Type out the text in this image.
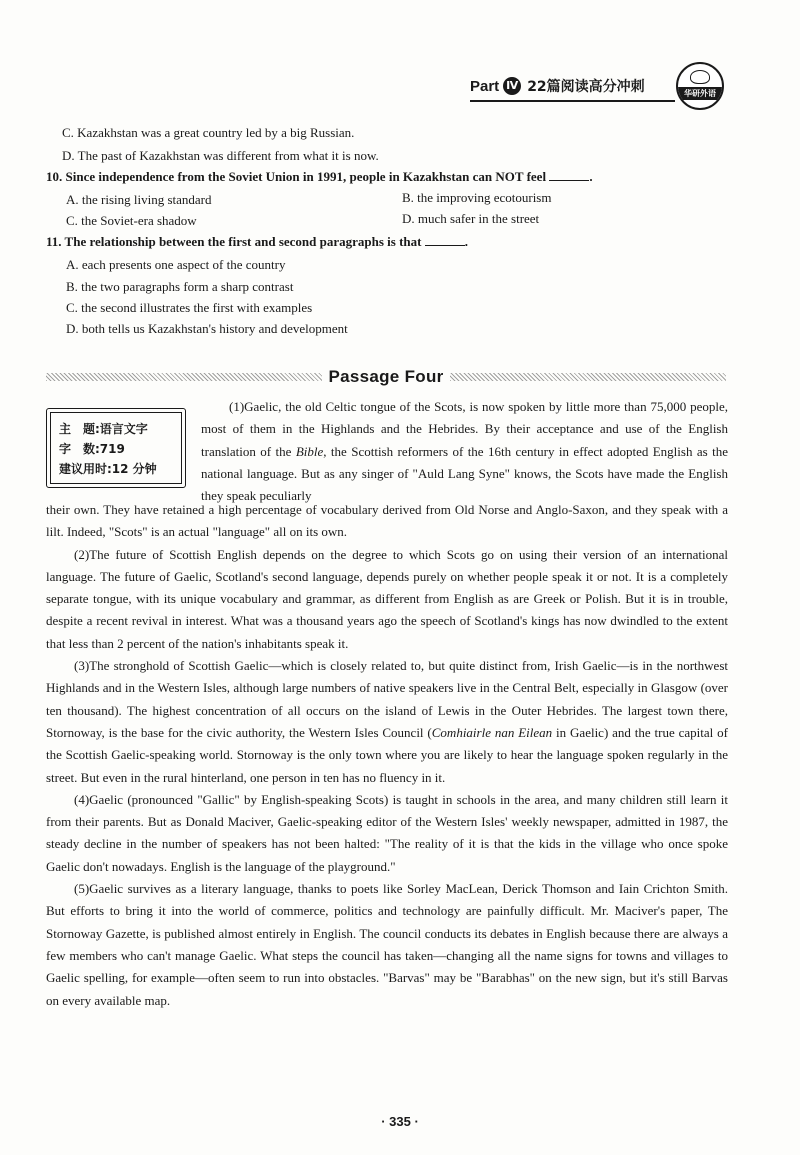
Part Ⅳ 22篇阅读高分冲刺	华研外语
C. Kazakhstan was a great country led by a big Russian.
D. The past of Kazakhstan was different from what it is now.
10. Since independence from the Soviet Union in 1991, people in Kazakhstan can NOT feel	.
A. the rising living standard	B. the improving ecotourism
C. the Soviet-era shadow	D. much safer in the street
11. The relationship between the first and second paragraphs is that	.
A. each presents one aspect of the country
B. the two paragraphs form a sharp contrast
C. the second illustrates the first with examples
D. both tells us Kazakhstan's history and development
Passage Four
主　题:语言文字
字　数:719
建议用时:12 分钟

(1)Gaelic, the old Celtic tongue of the Scots, is now spoken by little more than 75,000 people, most of them in the Highlands and the Hebrides. By their acceptance and use of the English translation of the Bible, the Scottish reformers of the 16th century in effect adopted English as the national language. But as any singer of "Auld Lang Syne" knows, the Scots have made the English they speak peculiarly

their own. They have retained a high percentage of vocabulary derived from Old Norse and Anglo-Saxon, and they speak with a lilt. Indeed, "Scots" is an actual "language" all on its own.

(2)The future of Scottish English depends on the degree to which Scots go on using their version of an international language. The future of Gaelic, Scotland's second language, depends purely on whether people speak it or not. It is a completely separate tongue, with its unique vocabulary and grammar, as different from English as are Greek or Polish. But it is in trouble, despite a recent revival in interest. What was a thousand years ago the speech of Scotland's kings has now dwindled to the extent that less than 2 percent of the nation's inhabitants speak it.

(3)The stronghold of Scottish Gaelic—which is closely related to, but quite distinct from, Irish Gaelic—is in the northwest Highlands and in the Western Isles, although large numbers of native speakers live in the Central Belt, especially in Glasgow (over ten thousand). The highest concentration of all occurs on the island of Lewis in the Outer Hebrides. The largest town there, Stornoway, is the base for the civic authority, the Western Isles Council (Comhiairle nan Eilean in Gaelic) and the true capital of the Scottish Gaelic-speaking world. Stornoway is the only town where you are likely to hear the language spoken regularly in the street. But even in the rural hinterland, one person in ten has no fluency in it.

(4)Gaelic (pronounced "Gallic" by English-speaking Scots) is taught in schools in the area, and many children still learn it from their parents. But as Donald Maciver, Gaelic-speaking editor of the Western Isles' weekly newspaper, admitted in 1987, the steady decline in the number of speakers has not been halted: "The reality of it is that the kids in the village who once spoke Gaelic don't nowadays. English is the language of the playground."

(5)Gaelic survives as a literary language, thanks to poets like Sorley MacLean, Derick Thomson and Iain Crichton Smith. But efforts to bring it into the world of commerce, politics and technology are painfully difficult. Mr. Maciver's paper, The Stornoway Gazette, is published almost entirely in English. The council conducts its debates in English because there are always a few members who can't manage Gaelic. What steps the council has taken—changing all the name signs for towns and villages to Gaelic spelling, for example—often seem to run into obstacles. "Barvas" may be "Barabhas" on the new sign, but it's still Barvas on every available map.

· 335 ·
